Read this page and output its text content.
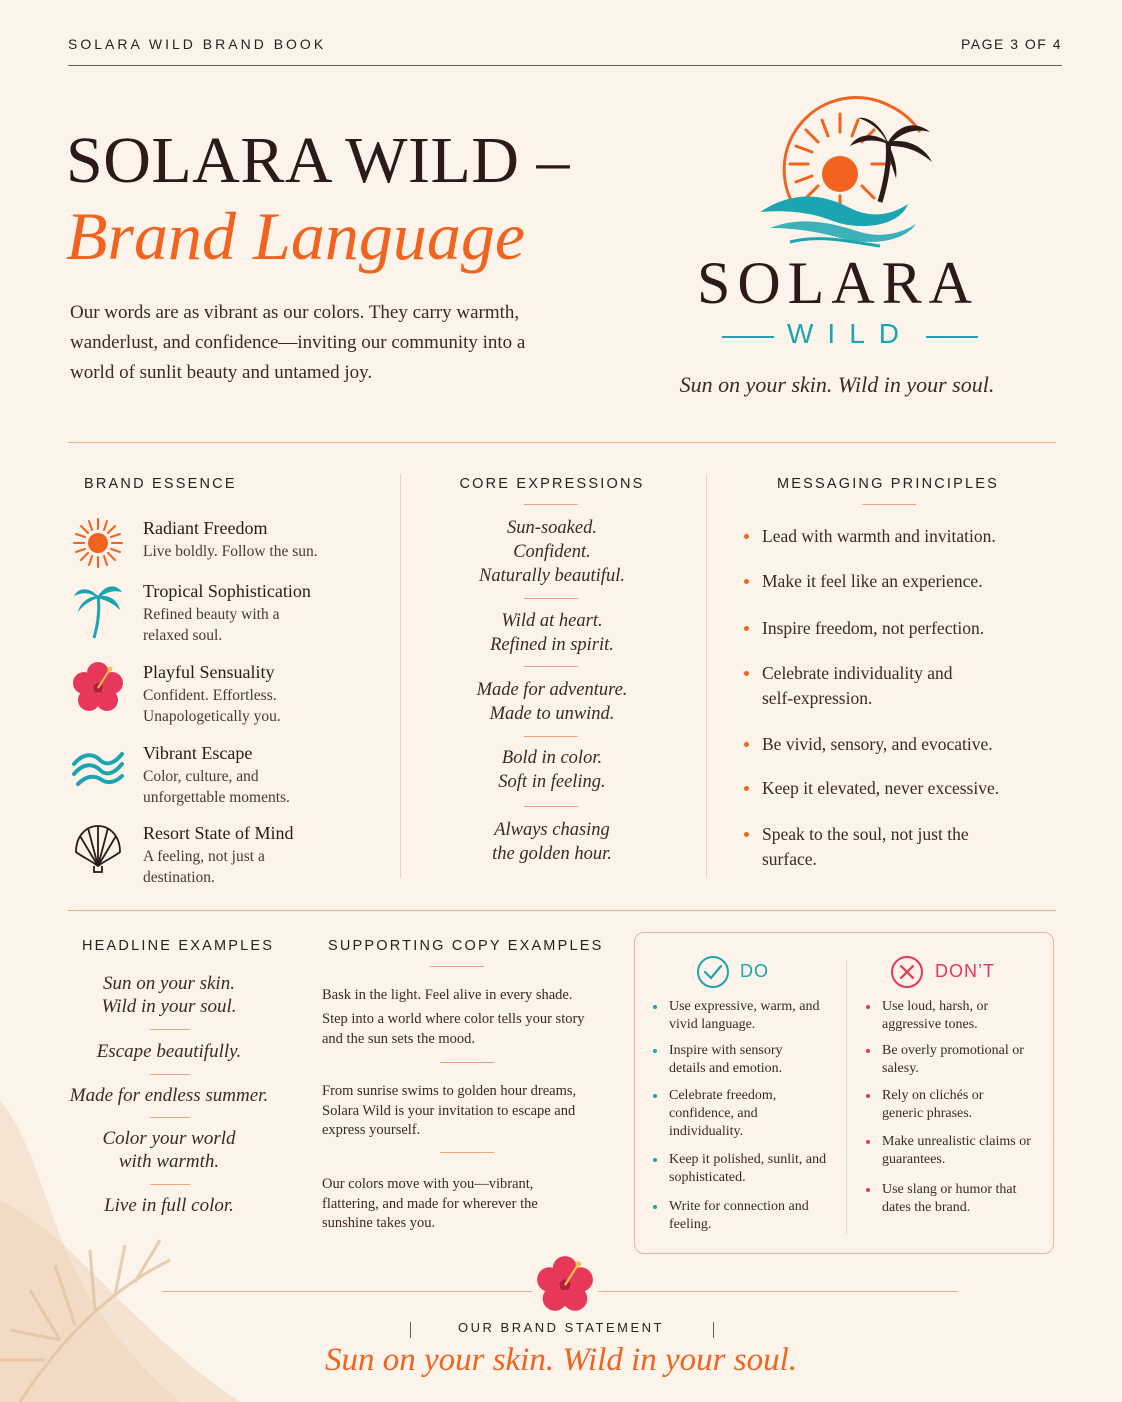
SOLARA WILD BRAND BOOK	PAGE 3 OF 4
SOLARA WILD –
Brand Language
Our words are as vibrant as our colors. They carry warmth, wanderlust, and confidence—inviting our community into a world of sunlit beauty and untamed joy.
SOLARA
WILD
Sun on your skin. Wild in your soul.
BRAND ESSENCE
Radiant Freedom
Live boldly. Follow the sun.
Tropical Sophistication
Refined beauty with a relaxed soul.
Playful Sensuality
Confident. Effortless. Unapologetically you.
Vibrant Escape
Color, culture, and unforgettable moments.
Resort State of Mind
A feeling, not just a destination.
CORE EXPRESSIONS
Sun-soaked.
Confident.
Naturally beautiful.
Wild at heart.
Refined in spirit.
Made for adventure.
Made to unwind.
Bold in color.
Soft in feeling.
Always chasing
the golden hour.
MESSAGING PRINCIPLES
Lead with warmth and invitation.
Make it feel like an experience.
Inspire freedom, not perfection.
Celebrate individuality and self-expression.
Be vivid, sensory, and evocative.
Keep it elevated, never excessive.
Speak to the soul, not just the surface.
HEADLINE EXAMPLES
Sun on your skin.
Wild in your soul.
Escape beautifully.
Made for endless summer.
Color your world
with warmth.
Live in full color.
SUPPORTING COPY EXAMPLES
Bask in the light. Feel alive in every shade.
Step into a world where color tells your story and the sun sets the mood.
From sunrise swims to golden hour dreams, Solara Wild is your invitation to escape and express yourself.
Our colors move with you—vibrant, flattering, and made for wherever the sunshine takes you.
DO	DON’T
Use expressive, warm, and vivid language.
Inspire with sensory details and emotion.
Celebrate freedom, confidence, and individuality.
Keep it polished, sunlit, and sophisticated.
Write for connection and feeling.
Use loud, harsh, or aggressive tones.
Be overly promotional or salesy.
Rely on clichés or generic phrases.
Make unrealistic claims or guarantees.
Use slang or humor that dates the brand.
OUR BRAND STATEMENT
Sun on your skin. Wild in your soul.
